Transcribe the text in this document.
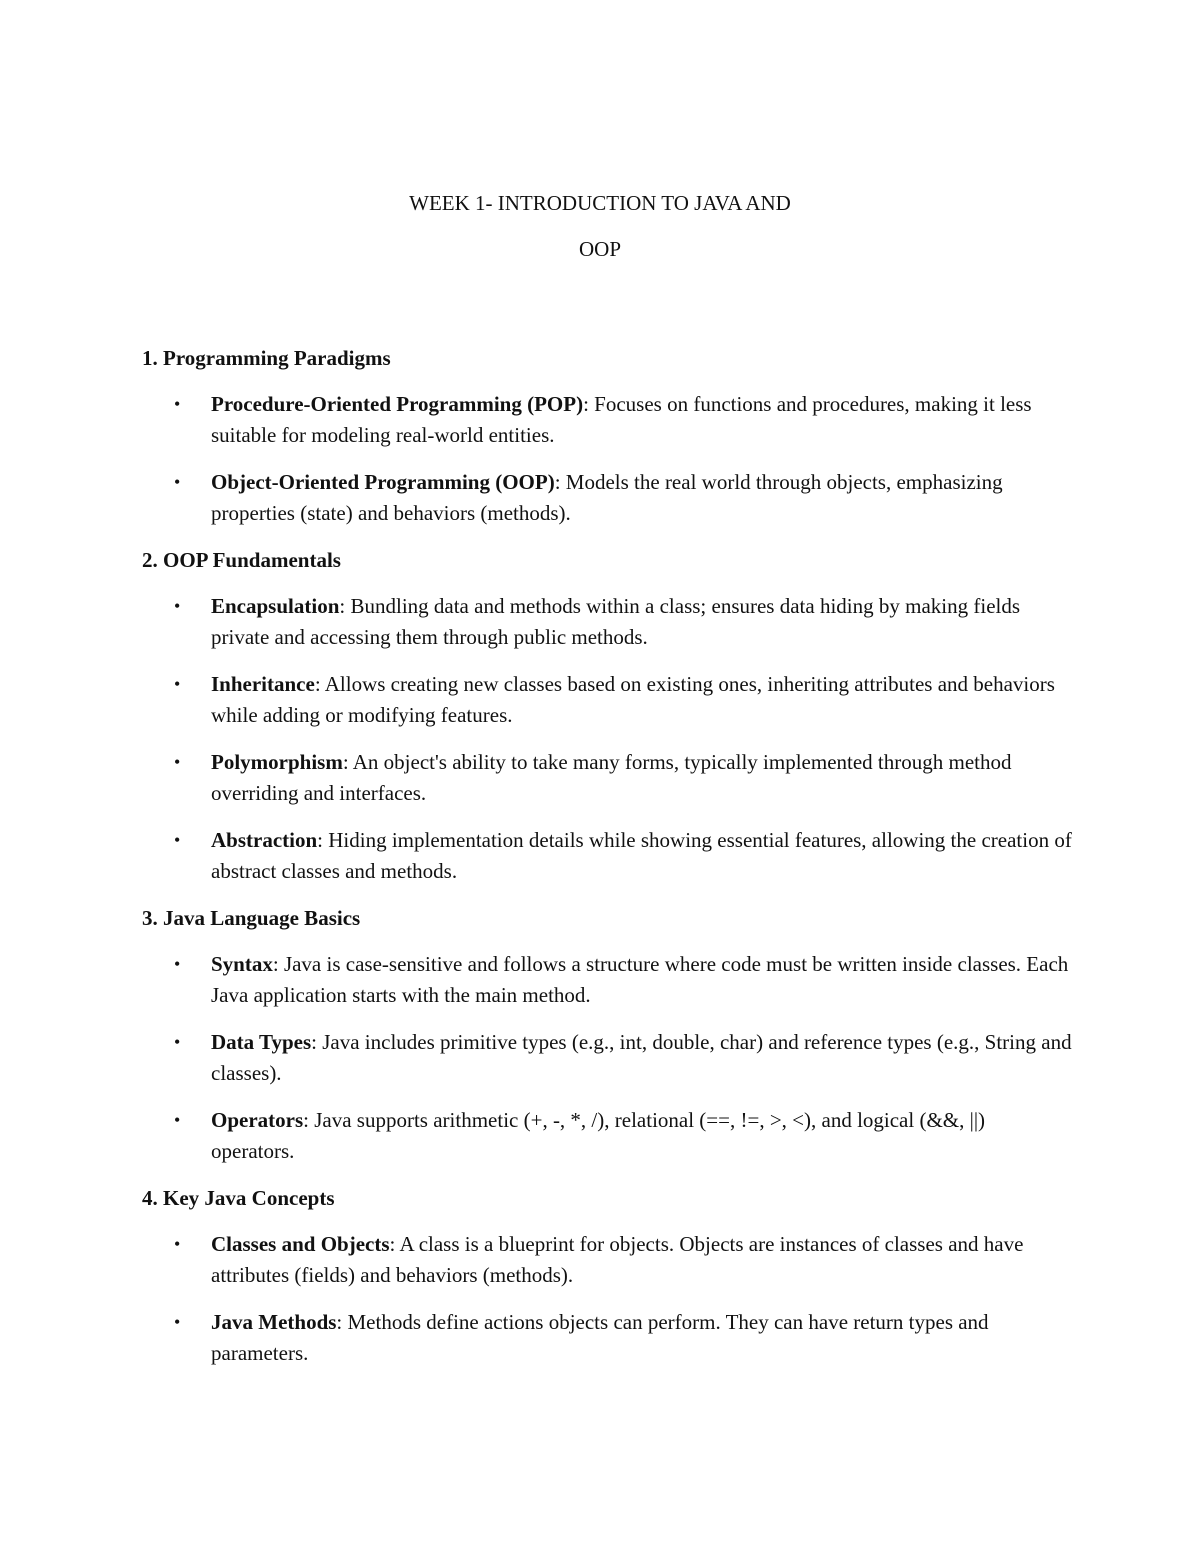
WEEK 1- INTRODUCTION TO JAVA AND
OOP
1. Programming Paradigms
• Procedure-Oriented Programming (POP): Focuses on functions and procedures, making it less suitable for modeling real-world entities.
• Object-Oriented Programming (OOP): Models the real world through objects, emphasizing properties (state) and behaviors (methods).
2. OOP Fundamentals
• Encapsulation: Bundling data and methods within a class; ensures data hiding by making fields private and accessing them through public methods.
• Inheritance: Allows creating new classes based on existing ones, inheriting attributes and behaviors while adding or modifying features.
• Polymorphism: An object's ability to take many forms, typically implemented through method overriding and interfaces.
• Abstraction: Hiding implementation details while showing essential features, allowing the creation of abstract classes and methods.
3. Java Language Basics
• Syntax: Java is case-sensitive and follows a structure where code must be written inside classes. Each Java application starts with the main method.
• Data Types: Java includes primitive types (e.g., int, double, char) and reference types (e.g., String and classes).
• Operators: Java supports arithmetic (+, -, *, /), relational (==, !=, >, <), and logical (&&, ||) operators.
4. Key Java Concepts
• Classes and Objects: A class is a blueprint for objects. Objects are instances of classes and have attributes (fields) and behaviors (methods).
• Java Methods: Methods define actions objects can perform. They can have return types and parameters.
